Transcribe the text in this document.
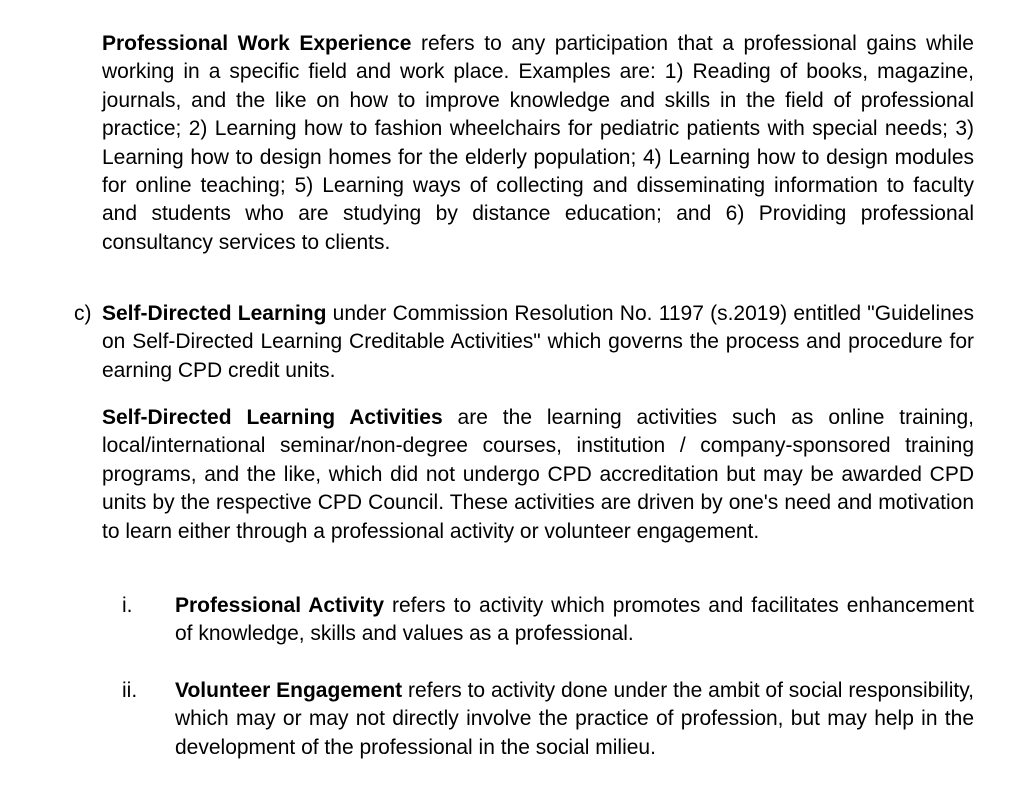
Professional Work Experience refers to any participation that a professional gains while working in a specific field and work place. Examples are: 1) Reading of books, magazine, journals, and the like on how to improve knowledge and skills in the field of professional practice; 2) Learning how to fashion wheelchairs for pediatric patients with special needs; 3) Learning how to design homes for the elderly population; 4) Learning how to design modules for online teaching; 5) Learning ways of collecting and disseminating information to faculty and students who are studying by distance education; and 6) Providing professional consultancy services to clients.

c) Self-Directed Learning under Commission Resolution No. 1197 (s.2019) entitled "Guidelines on Self-Directed Learning Creditable Activities" which governs the process and procedure for earning CPD credit units.

Self-Directed Learning Activities are the learning activities such as online training, local/international seminar/non-degree courses, institution / company-sponsored training programs, and the like, which did not undergo CPD accreditation but may be awarded CPD units by the respective CPD Council. These activities are driven by one's need and motivation to learn either through a professional activity or volunteer engagement.

i. Professional Activity refers to activity which promotes and facilitates enhancement of knowledge, skills and values as a professional.

ii. Volunteer Engagement refers to activity done under the ambit of social responsibility, which may or may not directly involve the practice of profession, but may help in the development of the professional in the social milieu.
